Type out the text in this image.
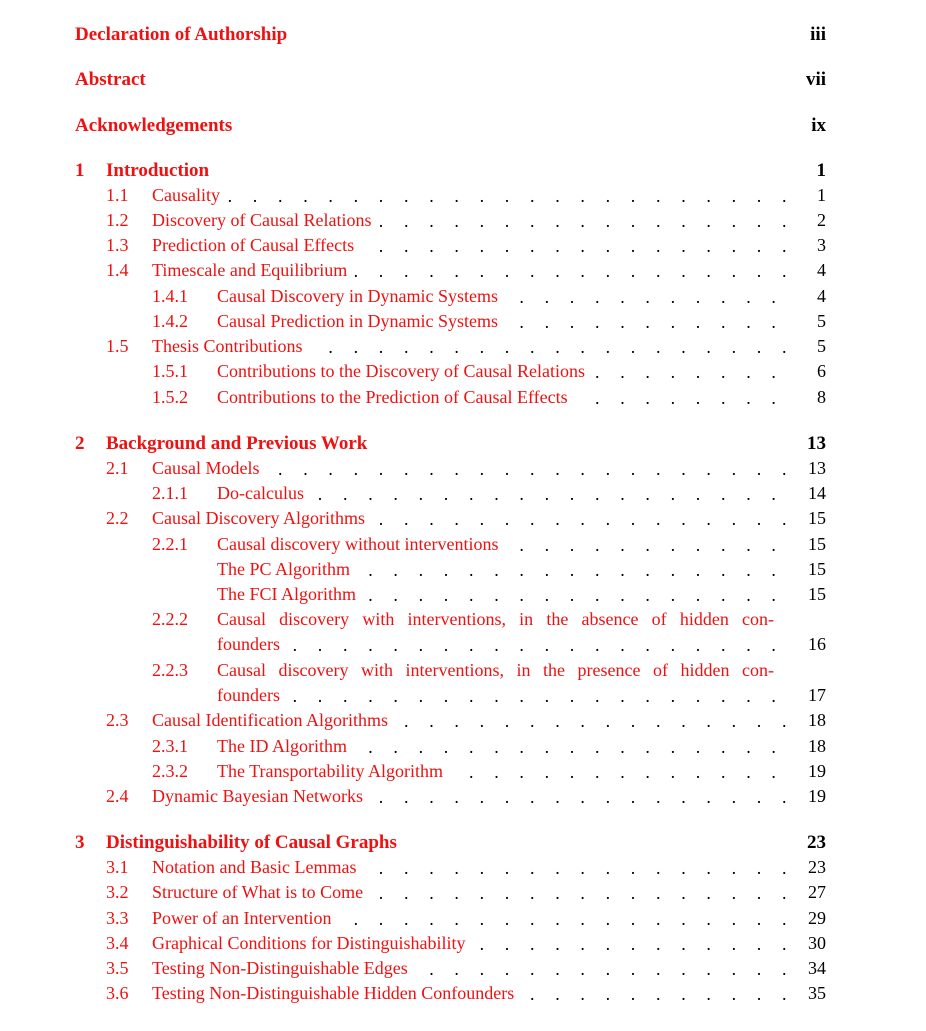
Declaration of Authorship	iii
Abstract	vii
Acknowledgements	ix
1 Introduction	1
. . .
1.1 Causality	1
. . .
1.2 Discovery of Causal Relations	2
. . .
1.3 Prediction of Causal Effects	3
. . .
1.4 Timescale and Equilibrium	4
. . .
1.4.1 Causal Discovery in Dynamic Systems	4
. . .
1.4.2 Causal Prediction in Dynamic Systems	5
. . .
1.5 Thesis Contributions	5
. . .
1.5.1 Contributions to the Discovery of Causal Relations	6
. . .
1.5.2 Contributions to the Prediction of Causal Effects	8
2 Background and Previous Work	13
. . .
2.1 Causal Models	13
. . .
2.1.1 Do-calculus	14
. . .
2.2 Causal Discovery Algorithms	15
. . .
2.2.1 Causal discovery without interventions	15
. . .
The PC Algorithm	15
. . .
The FCI Algorithm	15
2.2.2 Causal discovery with interventions, in the absence of hidden con-
. . .
founders	16
2.2.3 Causal discovery with interventions, in the presence of hidden con-
. . .
founders	17
. . .
2.3 Causal Identification Algorithms	18
. . .
2.3.1 The ID Algorithm	18
. . .
2.3.2 The Transportability Algorithm	19
. . .
2.4 Dynamic Bayesian Networks	19
3 Distinguishability of Causal Graphs	23
. . .
3.1 Notation and Basic Lemmas	23
. . .
3.2 Structure of What is to Come	27
. . .
3.3 Power of an Intervention	29
. . .
3.4 Graphical Conditions for Distinguishability	30
. . .
3.5 Testing Non-Distinguishable Edges	34
. . .
3.6 Testing Non-Distinguishable Hidden Confounders	35
